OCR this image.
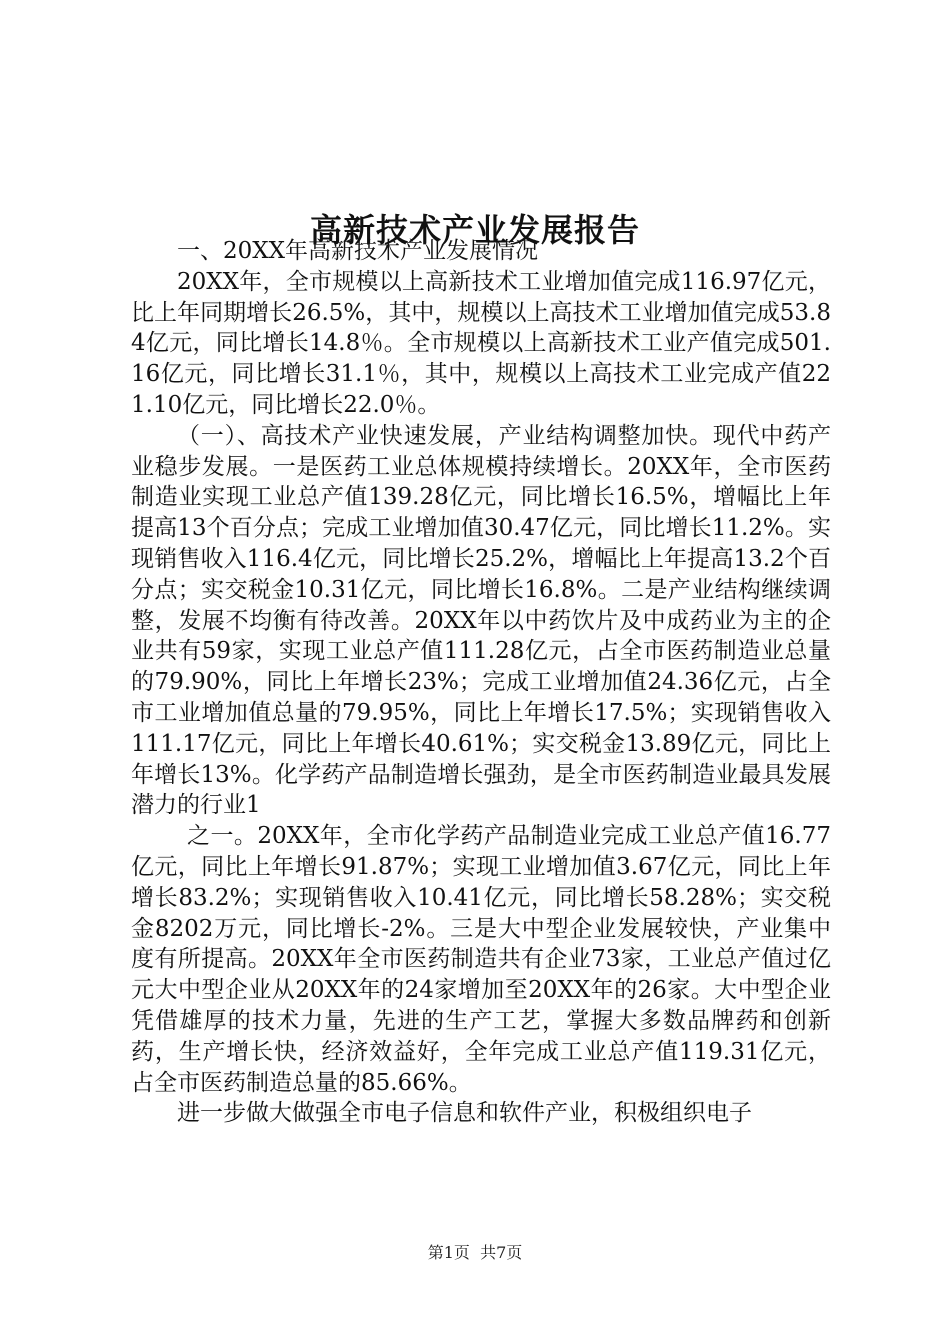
高新技术产业发展报告

一、20XX年高新技术产业发展情况

20XX年，全市规模以上高新技术工业增加值完成116.97亿元，比上年同期增长26.5%，其中，规模以上高技术工业增加值完成53.84亿元，同比增长14.8％。全市规模以上高新技术工业产值完成501.16亿元，同比增长31.1％，其中，规模以上高技术工业完成产值221.10亿元，同比增长22.0％。

（一）、高技术产业快速发展，产业结构调整加快。现代中药产业稳步发展。一是医药工业总体规模持续增长。20XX年，全市医药制造业实现工业总产值139.28亿元，同比增长16.5%，增幅比上年提高13个百分点；完成工业增加值30.47亿元，同比增长11.2%。实现销售收入116.4亿元，同比增长25.2%，增幅比上年提高13.2个百分点；实交税金10.31亿元，同比增长16.8%。二是产业结构继续调整，发展不均衡有待改善。20XX年以中药饮片及中成药业为主的企业共有59家，实现工业总产值111.28亿元，占全市医药制造业总量的79.90%，同比上年增长23%；完成工业增加值24.36亿元，占全市工业增加值总量的79.95%，同比上年增长17.5%；实现销售收入111.17亿元，同比上年增长40.61%；实交税金13.89亿元，同比上年增长13%。化学药产品制造增长强劲，是全市医药制造业最具发展潜力的行业1

之一。20XX年，全市化学药产品制造业完成工业总产值16.77亿元，同比上年增长91.87%；实现工业增加值3.67亿元，同比上年增长83.2%；实现销售收入10.41亿元，同比增长58.28%；实交税金8202万元，同比增长-2%。三是大中型企业发展较快，产业集中度有所提高。20XX年全市医药制造共有企业73家，工业总产值过亿元大中型企业从20XX年的24家增加至20XX年的26家。大中型企业凭借雄厚的技术力量，先进的生产工艺，掌握大多数品牌药和创新药，生产增长快，经济效益好，全年完成工业总产值119.31亿元，占全市医药制造总量的85.66%。

进一步做大做强全市电子信息和软件产业，积极组织电子

第1页 共7页
